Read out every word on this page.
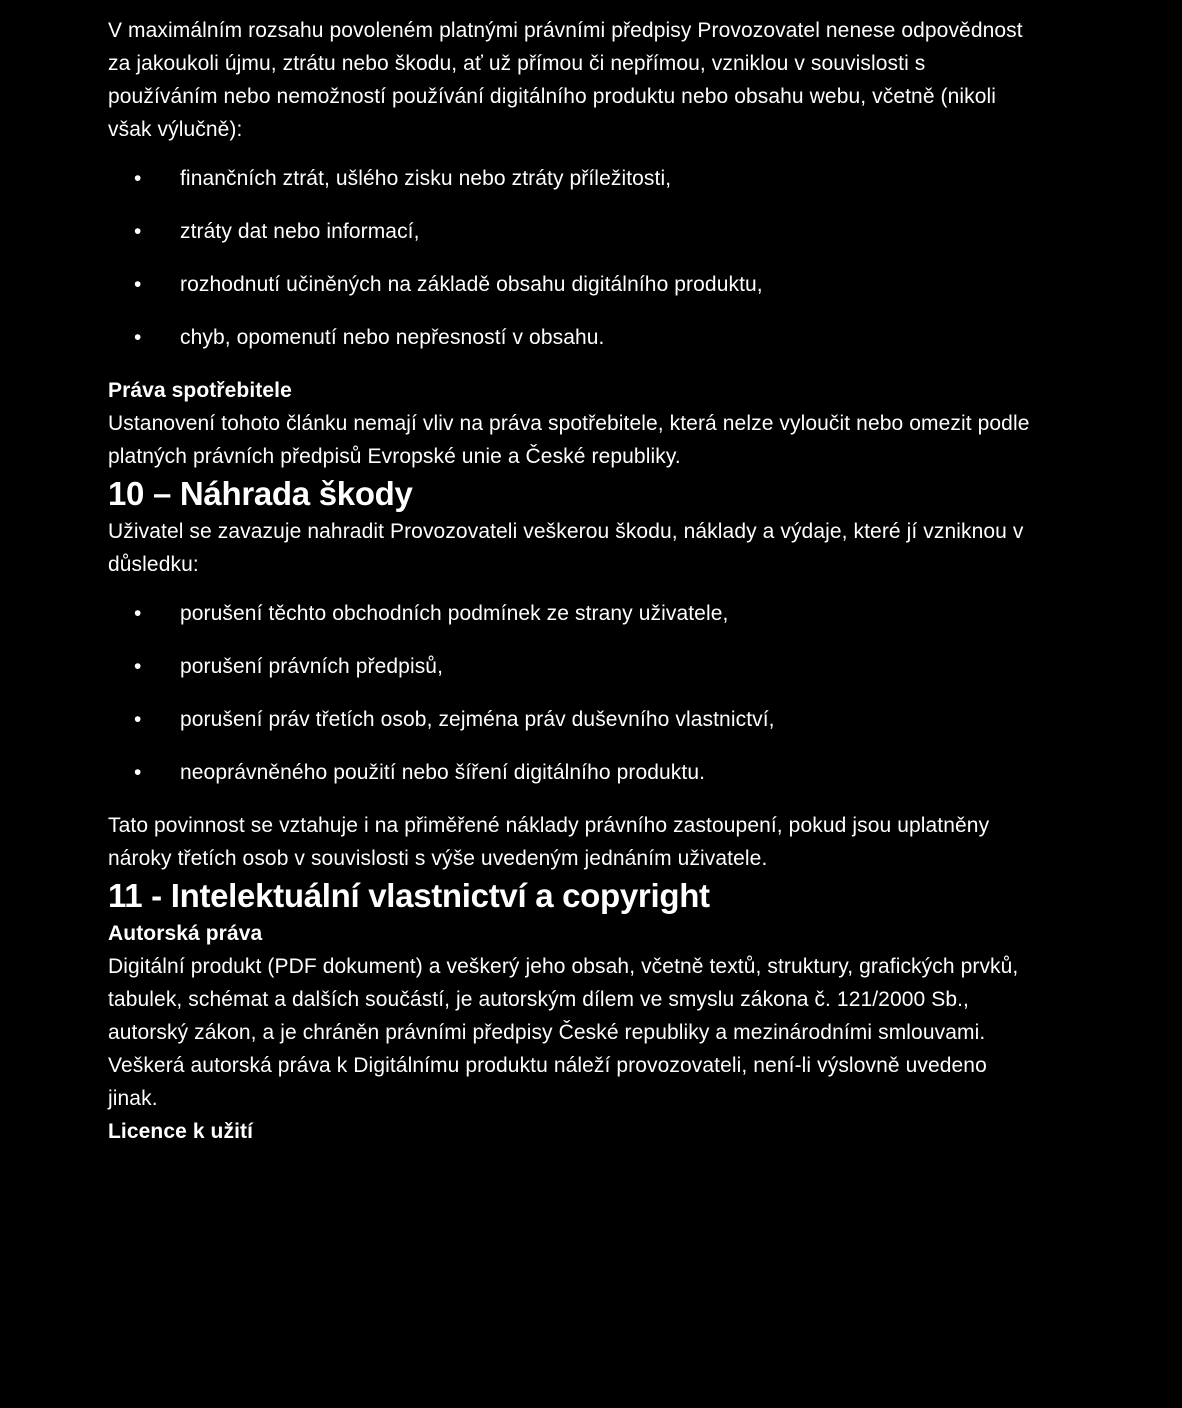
V maximálním rozsahu povoleném platnými právními předpisy Provozovatel nenese odpovědnost za jakoukoli újmu, ztrátu nebo škodu, ať už přímou či nepřímou, vzniklou v souvislosti s používáním nebo nemožností používání digitálního produktu nebo obsahu webu, včetně (nikoli však výlučně):

• finančních ztrát, ušlého zisku nebo ztráty příležitosti,
• ztráty dat nebo informací,
• rozhodnutí učiněných na základě obsahu digitálního produktu,
• chyb, opomenutí nebo nepřesností v obsahu.
Práva spotřebitele

Ustanovení tohoto článku nemají vliv na práva spotřebitele, která nelze vyloučit nebo omezit podle platných právních předpisů Evropské unie a České republiky.

10 – Náhrada škody

Uživatel se zavazuje nahradit Provozovateli veškerou škodu, náklady a výdaje, které jí vzniknou v důsledku:

• porušení těchto obchodních podmínek ze strany uživatele,
• porušení právních předpisů,
• porušení práv třetích osob, zejména práv duševního vlastnictví,
• neoprávněného použití nebo šíření digitálního produktu.

Tato povinnost se vztahuje i na přiměřené náklady právního zastoupení, pokud jsou uplatněny nároky třetích osob v souvislosti s výše uvedeným jednáním uživatele.

11 - Intelektuální vlastnictví a copyright
Autorská práva

Digitální produkt (PDF dokument) a veškerý jeho obsah, včetně textů, struktury, grafických prvků, tabulek, schémat a dalších součástí, je autorským dílem ve smyslu zákona č. 121/2000 Sb., autorský zákon, a je chráněn právními předpisy České republiky a mezinárodními smlouvami.

Veškerá autorská práva k Digitálnímu produktu náleží provozovateli, není-li výslovně uvedeno jinak.

Licence k užití
